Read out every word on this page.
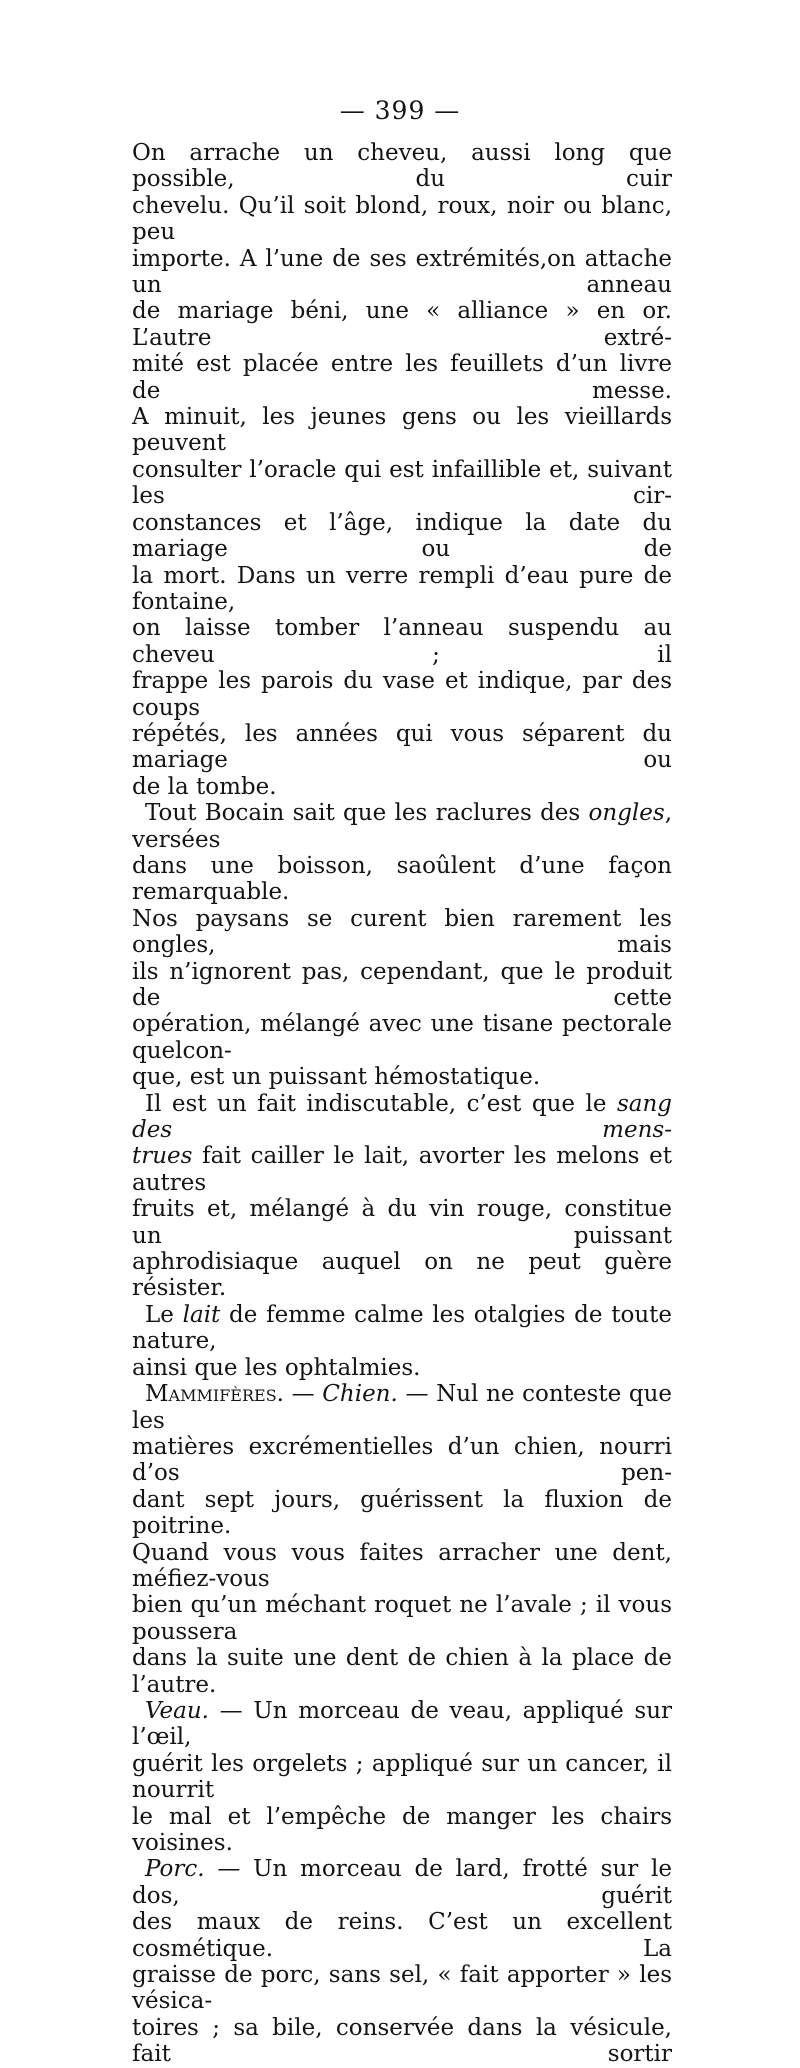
— 399 —

On arrache un cheveu, aussi long que possible, du cuir

chevelu. Qu’il soit blond, roux, noir ou blanc, peu

importe. A l’une de ses extrémités,on attache un anneau

de mariage béni, une « alliance » en or. L’autre extré-

mité est placée entre les feuillets d’un livre de messe.

A minuit, les jeunes gens ou les vieillards peuvent

consulter l’oracle qui est infaillible et, suivant les cir-

constances et l’âge, indique la date du mariage ou de

la mort. Dans un verre rempli d’eau pure de fontaine,

on laisse tomber l’anneau suspendu au cheveu ; il

frappe les parois du vase et indique, par des coups

répétés, les années qui vous séparent du mariage ou

de la tombe.

Tout Bocain sait que les raclures des ongles, versées

dans une boisson, saoûlent d’une façon remarquable.

Nos paysans se curent bien rarement les ongles, mais

ils n’ignorent pas, cependant, que le produit de cette

opération, mélangé avec une tisane pectorale quelcon-

que, est un puissant hémostatique.

Il est un fait indiscutable, c’est que le sang des mens-

trues fait cailler le lait, avorter les melons et autres

fruits et, mélangé à du vin rouge, constitue un puissant

aphrodisiaque auquel on ne peut guère résister.

Le lait de femme calme les otalgies de toute nature,

ainsi que les ophtalmies.

Mammifères. — Chien. — Nul ne conteste que les

matières excrémentielles d’un chien, nourri d’os pen-

dant sept jours, guérissent la fluxion de poitrine.

Quand vous vous faites arracher une dent, méfiez-vous

bien qu’un méchant roquet ne l’avale ; il vous poussera

dans la suite une dent de chien à la place de l’autre.

Veau. — Un morceau de veau, appliqué sur l’œil,

guérit les orgelets ; appliqué sur un cancer, il nourrit

le mal et l’empêche de manger les chairs voisines.

Porc. — Un morceau de lard, frotté sur le dos, guérit

des maux de reins. C’est un excellent cosmétique. La

graisse de porc, sans sel, « fait apporter » les vésica-

toires ; sa bile, conservée dans la vésicule, fait sortir
